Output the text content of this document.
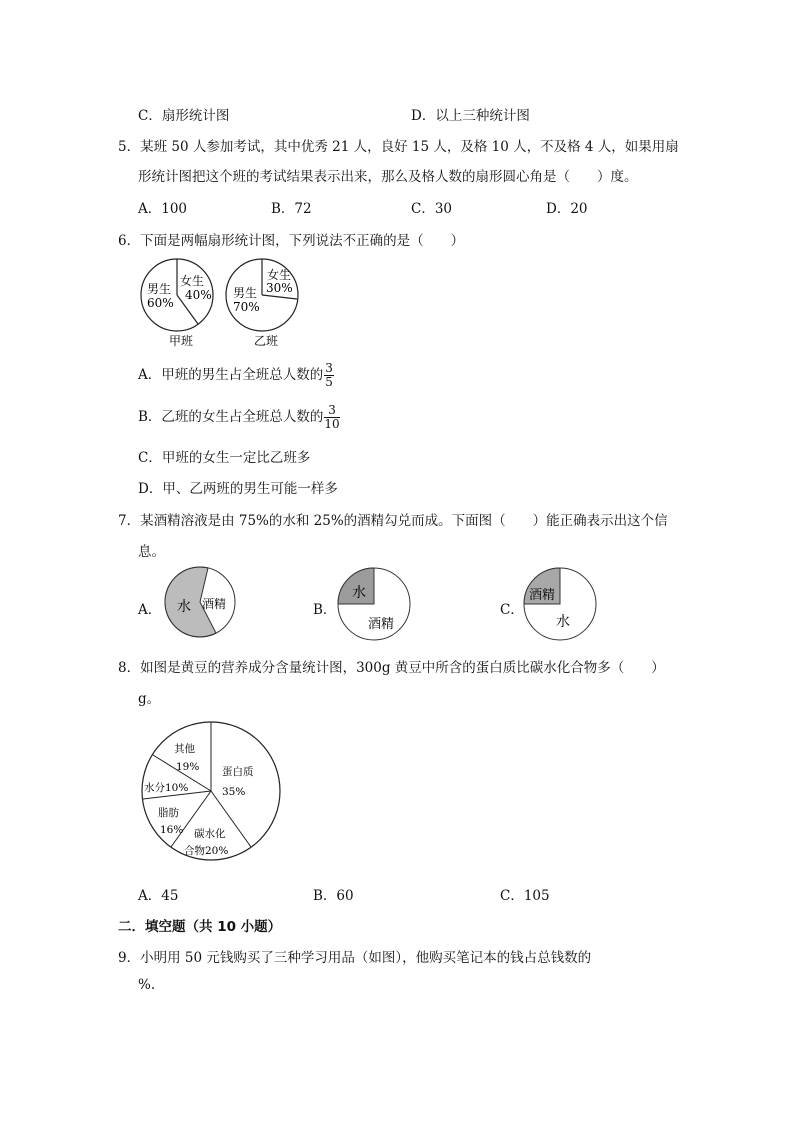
C．扇形统计图	D．以上三种统计图
5．某班 50 人参加考试，其中优秀 21 人，良好 15 人，及格 10 人，不及格 4 人，如果用扇
形统计图把这个班的考试结果表示出来，那么及格人数的扇形圆心角是（　　）度。
A．100	B．72	C．30	D．20
6．下面是两幅扇形统计图，下列说法不正确的是（　　）
女生
40%
男生
60%
甲班
女生
30%
男生
70%
乙班
A．甲班的男生占全班总人数的 $\frac{3}{5}$
B．乙班的女生占全班总人数的 $\frac{3}{10}$
C．甲班的女生一定比乙班多
D．甲、乙两班的男生可能一样多
7．某酒精溶液是由 75%的水和 25%的酒精勾兑而成。下面图（　　）能正确表示出这个信
息。
A． 水 酒精	B．
水
酒精
C．
酒精
水
8．如图是黄豆的营养成分含量统计图，300g 黄豆中所含的蛋白质比碳水化合物多（　　）
g。
蛋白质
35%
碳水化
合物20%
脂肪
16%
水分10%
其他
19%
A．45	B．60	C．105
二．填空题（共 10 小题）
9．小明用 50 元钱购买了三种学习用品（如图），他购买笔记本的钱占总钱数的
%.
